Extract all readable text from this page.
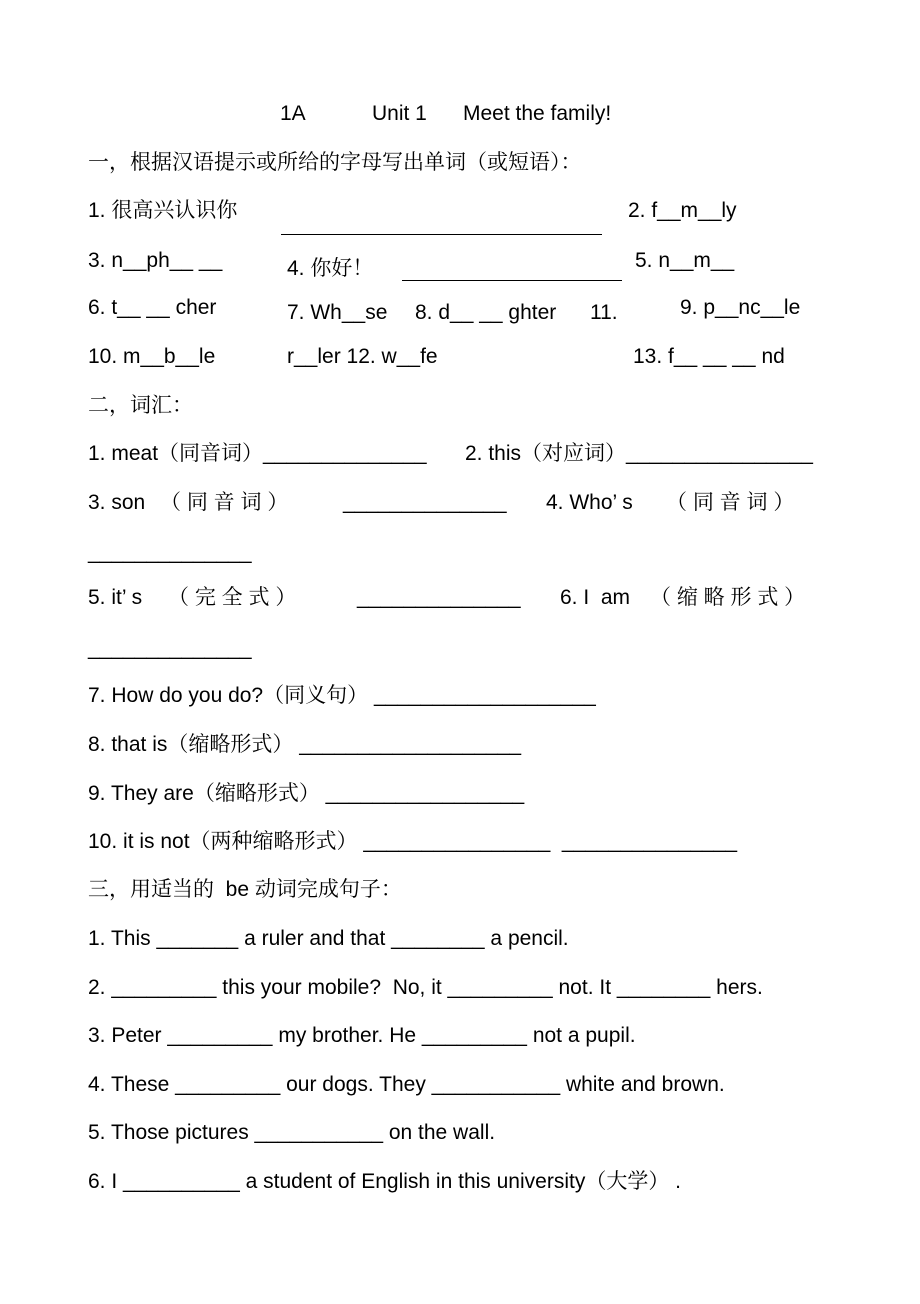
1A	Unit 1 Meet the family!
一，根据汉语提示或所给的字母写出单词（或短语）：
1. 很高兴认识你	2. f__m__ly
3. n__ph__ __	4. 你好！	5. n__m__
6. t__ __ cher	7. Wh__se 8. d__ __ ghter 11.	9. p__nc__le
10. m__b__le	r__ler 12. w__fe	13. f__ __ __ nd
二，词汇：
1. meat（同音词）______________ 2. this（对应词）________________
3. son （ 同 音 词 ）	______________ 4. Who’ s （ 同 音 词 ）
______________
5. it’ s （ 完 全 式 ）	______________ 6. I  am （ 缩 略 形 式 ）
______________
7. How do you do?（同义句） ___________________
8. that is（缩略形式） ___________________
9. They are（缩略形式） _________________
10. it is not（两种缩略形式） ________________  _______________
三，用适当的  be 动词完成句子：
1. This _______ a ruler and that ________ a pencil.
2. _________ this your mobile?  No, it _________ not. It ________ hers.
3. Peter _________ my brother. He _________ not a pupil.
4. These _________ our dogs. They ___________ white and brown.
5. Those pictures ___________ on the wall.
6. I __________ a student of English in this university（大学） .
